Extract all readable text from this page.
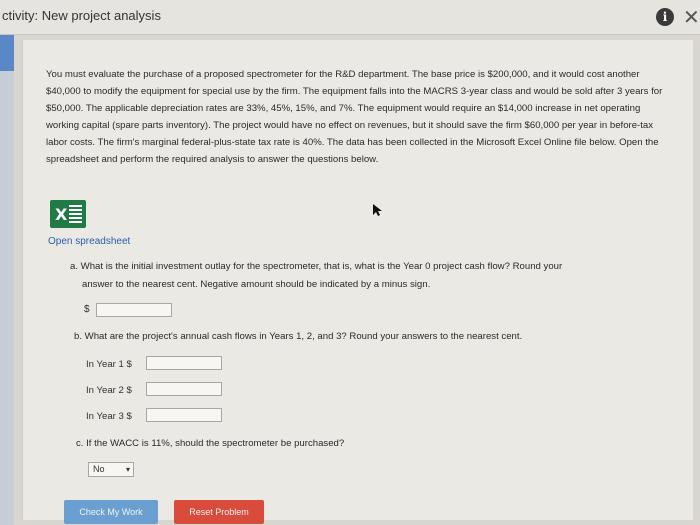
ctivity: New project analysis	i ✕
You must evaluate the purchase of a proposed spectrometer for the R&D department. The base price is $200,000, and it would cost another $40,000 to modify the equipment for special use by the firm. The equipment falls into the MACRS 3-year class and would be sold after 3 years for $50,000. The applicable depreciation rates are 33%, 45%, 15%, and 7%. The equipment would require an $14,000 increase in net operating working capital (spare parts inventory). The project would have no effect on revenues, but it should save the firm $60,000 per year in before-tax labor costs. The firm's marginal federal-plus-state tax rate is 40%. The data has been collected in the Microsoft Excel Online file below. Open the spreadsheet and perform the required analysis to answer the questions below.
X
Open spreadsheet
a. What is the initial investment outlay for the spectrometer, that is, what is the Year 0 project cash flow? Round your
answer to the nearest cent. Negative amount should be indicated by a minus sign.
$
b. What are the project's annual cash flows in Years 1, 2, and 3? Round your answers to the nearest cent.
In Year 1 $
In Year 2 $
In Year 3 $
c. If the WACC is 11%, should the spectrometer be purchased?
No	▾
Check My Work	Reset Problem
